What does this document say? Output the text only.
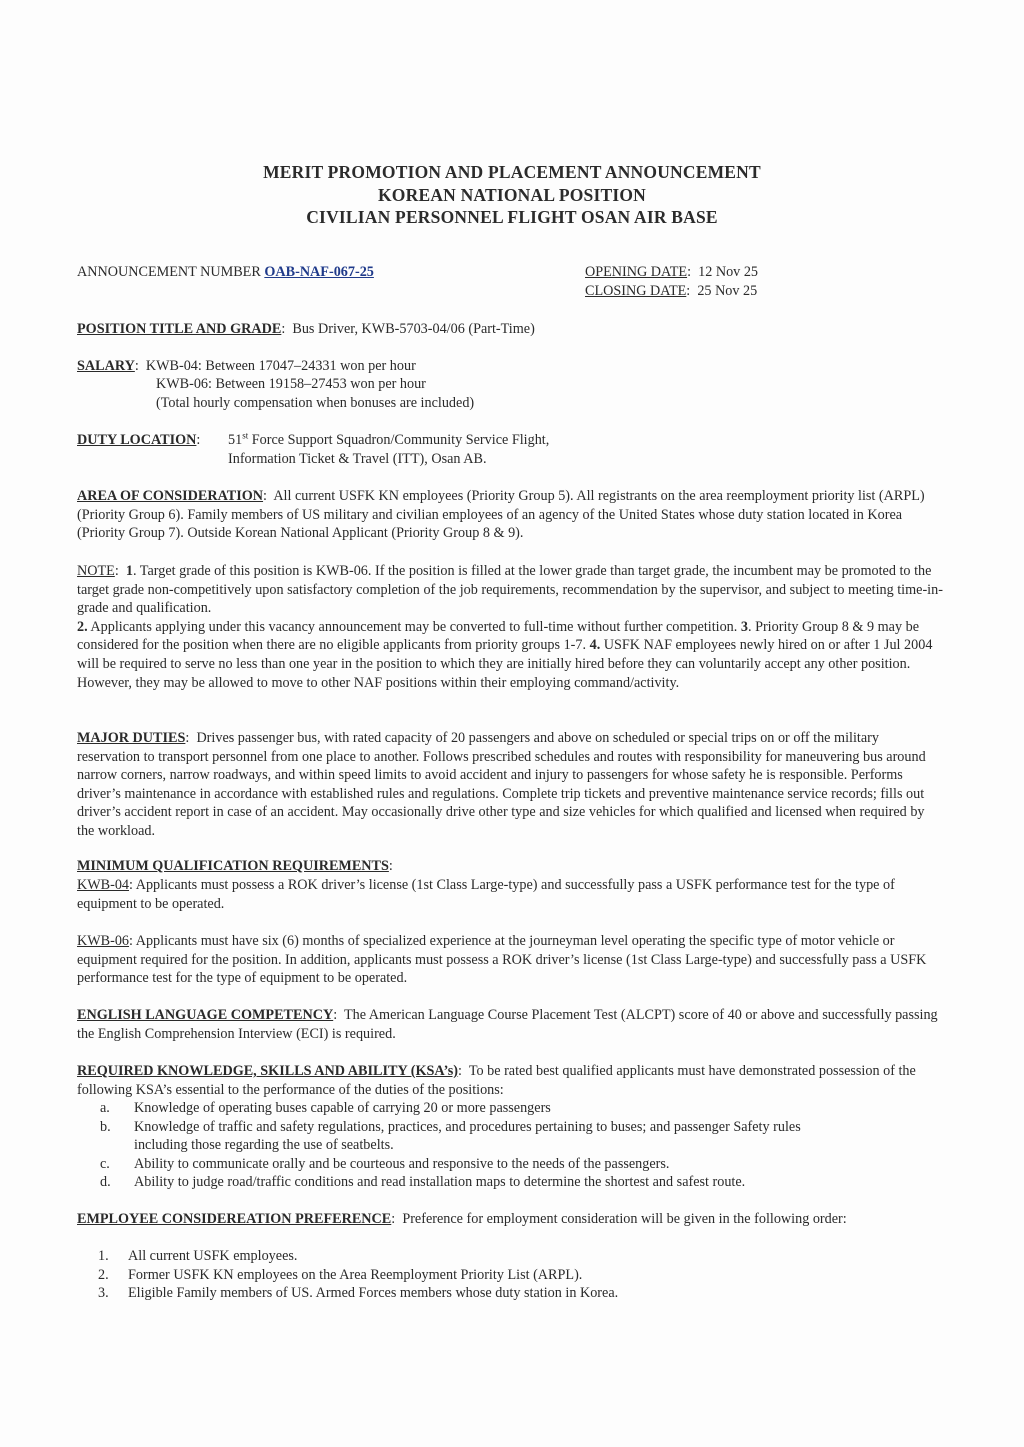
MERIT PROMOTION AND PLACEMENT ANNOUNCEMENT
KOREAN NATIONAL POSITION
CIVILIAN PERSONNEL FLIGHT OSAN AIR BASE
ANNOUNCEMENT NUMBER OAB-NAF-067-25	OPENING DATE:  12 Nov 25
CLOSING DATE:  25 Nov 25
POSITION TITLE AND GRADE:  Bus Driver, KWB-5703-04/06 (Part-Time)
SALARY:  KWB-04: Between 17047–24331 won per hour
KWB-06: Between 19158–27453 won per hour
(Total hourly compensation when bonuses are included)
DUTY LOCATION: 51st Force Support Squadron/Community Service Flight,
Information Ticket & Travel (ITT), Osan AB.
AREA OF CONSIDERATION:  All current USFK KN employees (Priority Group 5). All registrants on the area reemployment priority list (ARPL) (Priority Group 6). Family members of US military and civilian employees of an agency of the United States whose duty station located in Korea (Priority Group 7). Outside Korean National Applicant (Priority Group 8 & 9).
NOTE:  1. Target grade of this position is KWB-06. If the position is filled at the lower grade than target grade, the incumbent may be promoted to the target grade non-competitively upon satisfactory completion of the job requirements, recommendation by the supervisor, and subject to meeting time-in-grade and qualification.
2. Applicants applying under this vacancy announcement may be converted to full-time without further competition. 3. Priority Group 8 & 9 may be considered for the position when there are no eligible applicants from priority groups 1-7. 4. USFK NAF employees newly hired on or after 1 Jul 2004 will be required to serve no less than one year in the position to which they are initially hired before they can voluntarily accept any other position. However, they may be allowed to move to other NAF positions within their employing command/activity.
MAJOR DUTIES:  Drives passenger bus, with rated capacity of 20 passengers and above on scheduled or special trips on or off the military reservation to transport personnel from one place to another. Follows prescribed schedules and routes with responsibility for maneuvering bus around narrow corners, narrow roadways, and within speed limits to avoid accident and injury to passengers for whose safety he is responsible. Performs driver’s maintenance in accordance with established rules and regulations. Complete trip tickets and preventive maintenance service records; fills out driver’s accident report in case of an accident. May occasionally drive other type and size vehicles for which qualified and licensed when required by the workload.
MINIMUM QUALIFICATION REQUIREMENTS:
KWB-04: Applicants must possess a ROK driver’s license (1st Class Large-type) and successfully pass a USFK performance test for the type of equipment to be operated.
KWB-06: Applicants must have six (6) months of specialized experience at the journeyman level operating the specific type of motor vehicle or equipment required for the position. In addition, applicants must possess a ROK driver’s license (1st Class Large-type) and successfully pass a USFK performance test for the type of equipment to be operated.
ENGLISH LANGUAGE COMPETENCY:  The American Language Course Placement Test (ALCPT) score of 40 or above and successfully passing the English Comprehension Interview (ECI) is required.
REQUIRED KNOWLEDGE, SKILLS AND ABILITY (KSA’s):  To be rated best qualified applicants must have demonstrated possession of the following KSA’s essential to the performance of the duties of the positions:
a.	Knowledge of operating buses capable of carrying 20 or more passengers
b.	Knowledge of traffic and safety regulations, practices, and procedures pertaining to buses; and passenger Safety rules including those regarding the use of seatbelts.
c.	Ability to communicate orally and be courteous and responsive to the needs of the passengers.
d.	Ability to judge road/traffic conditions and read installation maps to determine the shortest and safest route.
EMPLOYEE CONSIDEREATION PREFERENCE:  Preference for employment consideration will be given in the following order:
1.	All current USFK employees.
2.	Former USFK KN employees on the Area Reemployment Priority List (ARPL).
3.	Eligible Family members of US. Armed Forces members whose duty station in Korea.
